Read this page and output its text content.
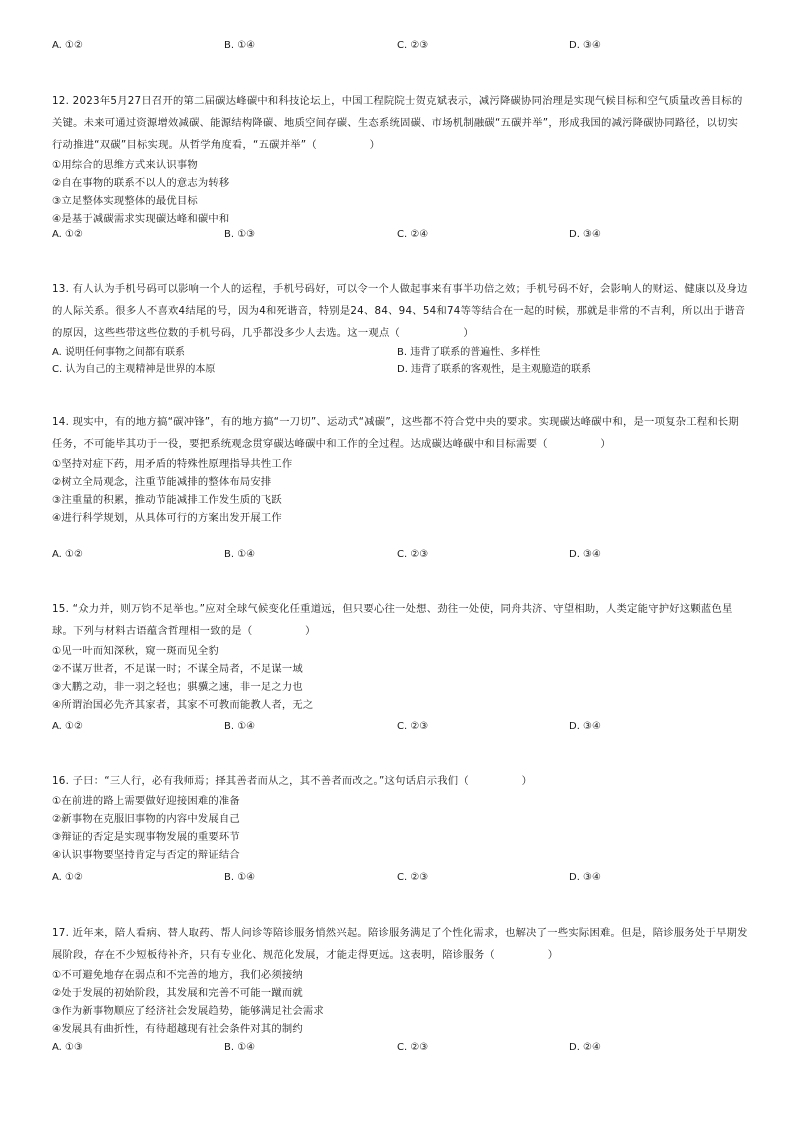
A. ①②	B. ①④	C. ②③	D. ③④

12. 2023年5月27日召开的第二届碳达峰碳中和科技论坛上，中国工程院院士贺克斌表示，减污降碳协同治理是实现气候目标和空气质量改善目标的关键。未来可通过资源增效减碳、能源结构降碳、地质空间存碳、生态系统固碳、市场机制融碳“五碳并举”，形成我国的减污降碳协同路径，以切实行动推进“双碳”目标实现。从哲学角度看，“五碳并举”（　　　　　）

①用综合的思维方式来认识事物

②自在事物的联系不以人的意志为转移

③立足整体实现整体的最优目标

④是基于减碳需求实现碳达峰和碳中和

A. ①②	B. ①③	C. ②④	D. ③④

13. 有人认为手机号码可以影响一个人的运程，手机号码好，可以令一个人做起事来有事半功倍之效；手机号码不好，会影响人的财运、健康以及身边的人际关系。很多人不喜欢4结尾的号，因为4和死谐音，特别是24、84、94、54和74等等结合在一起的时候，那就是非常的不吉利，所以出于谐音的原因，这些些带这些位数的手机号码，几乎都没多少人去选。这一观点（　　　　　　）

A. 说明任何事物之间都有联系	B. 违背了联系的普遍性、多样性
C. 认为自己的主观精神是世界的本原	D. 违背了联系的客观性，是主观臆造的联系

14. 现实中，有的地方搞“碳冲锋”，有的地方搞“一刀切”、运动式“减碳”，这些都不符合党中央的要求。实现碳达峰碳中和，是一项复杂工程和长期任务，不可能毕其功于一役，要把系统观念贯穿碳达峰碳中和工作的全过程。达成碳达峰碳中和目标需要（　　　　　）

①坚持对症下药，用矛盾的特殊性原理指导共性工作

②树立全局观念，注重节能减排的整体布局安排

③注重量的积累，推动节能减排工作发生质的飞跃

④进行科学规划，从具体可行的方案出发开展工作

A. ①②	B. ①④	C. ②③	D. ③④

15. “众力并，则万钧不足举也。”应对全球气候变化任重道远，但只要心往一处想、劲往一处使，同舟共济、守望相助，人类定能守护好这颗蓝色星球。下列与材料古语蕴含哲理相一致的是（　　　　　）

①见一叶而知深秋，窥一斑而见全豹

②不谋万世者，不足谋一时；不谋全局者，不足谋一域

③大鹏之动，非一羽之轻也；骐骥之速，非一足之力也

④所谓治国必先齐其家者，其家不可教而能教人者，无之

A. ①②	B. ①④	C. ②③	D. ③④

16. 子曰：“三人行，必有我师焉；择其善者而从之，其不善者而改之。”这句话启示我们（　　　　　）

①在前进的路上需要做好迎接困难的准备

②新事物在克服旧事物的内容中发展自己

③辩证的否定是实现事物发展的重要环节

④认识事物要坚持肯定与否定的辩证结合

A. ①②	B. ①④	C. ②③	D. ③④

17. 近年来，陪人看病、替人取药、帮人问诊等陪诊服务悄然兴起。陪诊服务满足了个性化需求，也解决了一些实际困难。但是，陪诊服务处于早期发展阶段，存在不少短板待补齐，只有专业化、规范化发展，才能走得更远。这表明，陪诊服务（　　　　　）

①不可避免地存在弱点和不完善的地方，我们必须接纳

②处于发展的初始阶段，其发展和完善不可能一蹴而就

③作为新事物顺应了经济社会发展趋势，能够满足社会需求

④发展具有曲折性，有待超越现有社会条件对其的制约

A. ①③	B. ①④	C. ②③	D. ②④
